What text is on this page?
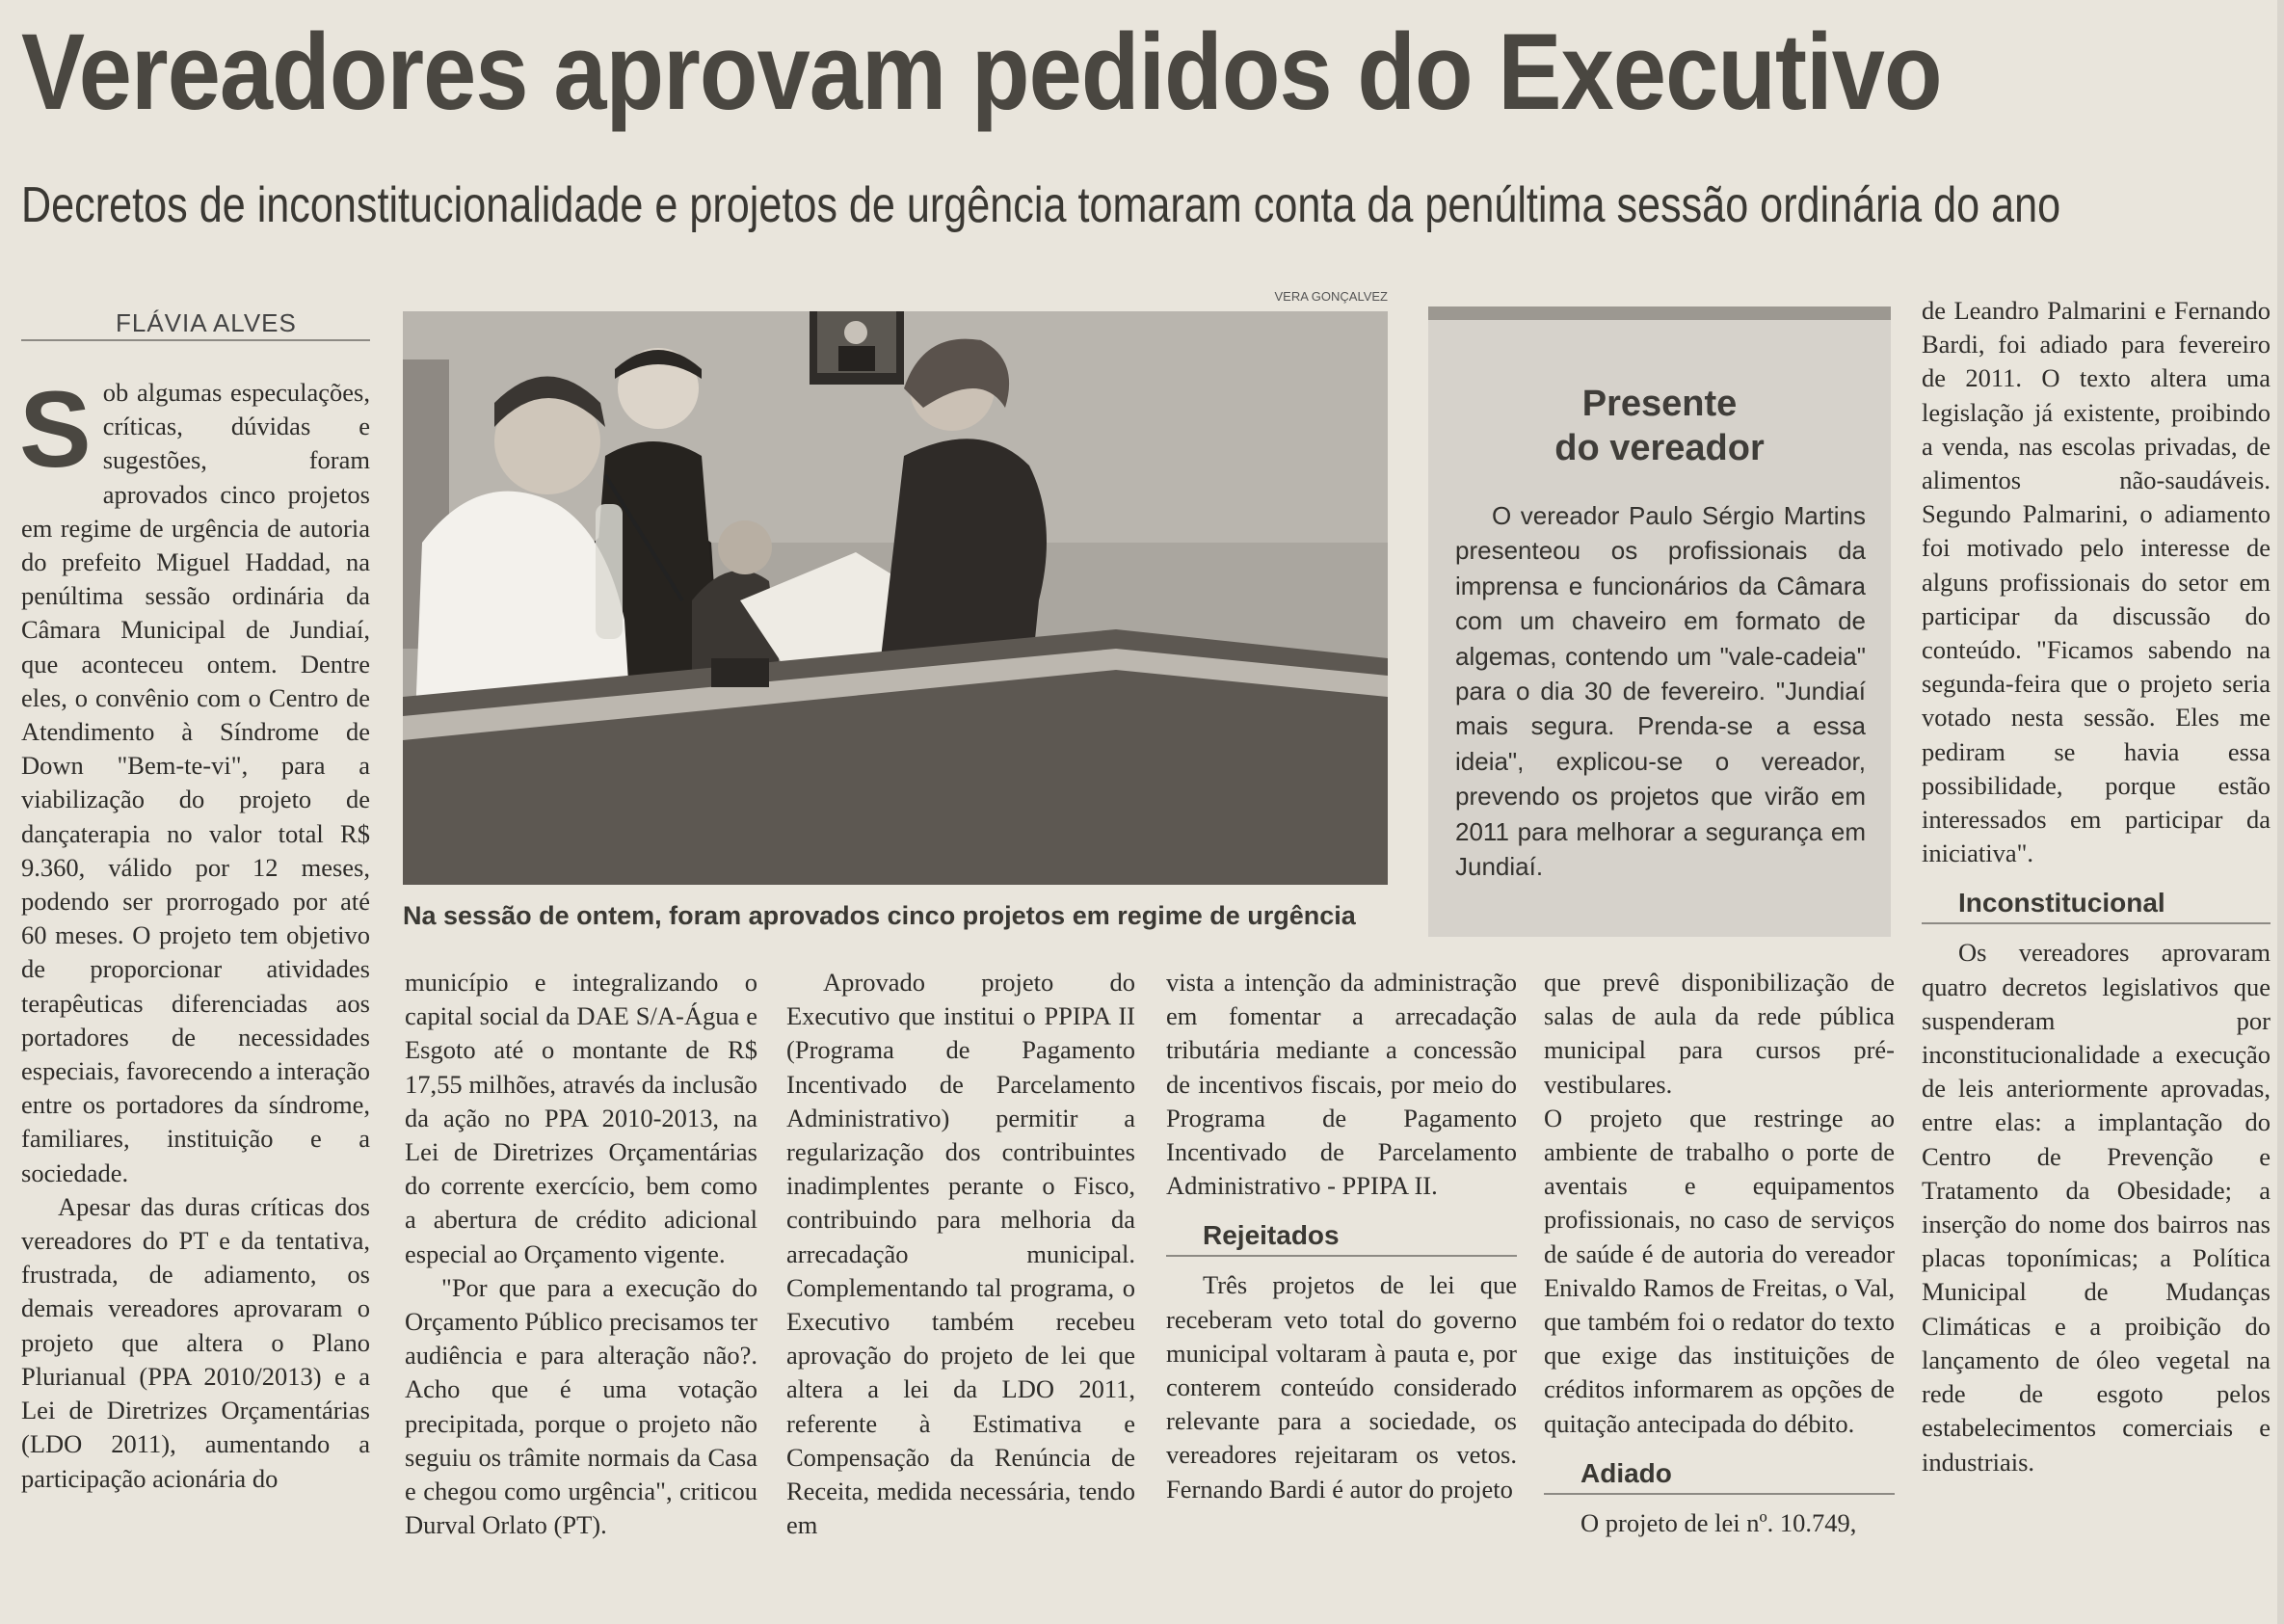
Vereadores aprovam pedidos do Executivo
Decretos de inconstitucionalidade e projetos de urgência tomaram conta da penúltima sessão ordinária do ano
FLÁVIA ALVES
S ob algumas especulações, críticas, dúvidas e sugestões, foram aprovados cinco projetos em regime de urgência de autoria do prefeito Miguel Haddad, na penúltima sessão ordinária da Câmara Municipal de Jundiaí, que aconteceu ontem. Dentre eles, o convênio com o Centro de Atendimento à Síndrome de Down "Bem-te-vi", para a viabilização do projeto de dançaterapia no valor total R$ 9.360, válido por 12 meses, podendo ser prorrogado por até 60 meses. O projeto tem objetivo de proporcionar atividades terapêuticas diferenciadas aos portadores de necessidades especiais, favorecendo a interação entre os portadores da síndrome, familiares, instituição e a sociedade.

Apesar das duras críticas dos vereadores do PT e da tentativa, frustrada, de adiamento, os demais vereadores aprovaram o projeto que altera o Plano Plurianual (PPA 2010/2013) e a Lei de Diretrizes Orçamentárias (LDO 2011), aumentando a participação acionária do

VERA GONÇALVEZ
Na sessão de ontem, foram aprovados cinco projetos em regime de urgência
Presente
do vereador

O vereador Paulo Sérgio Martins presenteou os profissionais da imprensa e funcionários da Câmara com um chaveiro em formato de algemas, contendo um "vale-cadeia" para o dia 30 de fevereiro. "Jundiaí mais segura. Prenda-se a essa ideia", explicou-se o vereador, prevendo os projetos que virão em 2011 para melhorar a segurança em Jundiaí.

município e integralizando o capital social da DAE S/A-Água e Esgoto até o montante de R$ 17,55 milhões, através da inclusão da ação no PPA 2010-2013, na Lei de Diretrizes Orçamentárias do corrente exercício, bem como a abertura de crédito adicional especial ao Orçamento vigente.

"Por que para a execução do Orçamento Público precisamos ter audiência e para alteração não?. Acho que é uma votação precipitada, porque o projeto não seguiu os trâmite normais da Casa e chegou como urgência", criticou Durval Orlato (PT).

Aprovado projeto do Executivo que institui o PPIPA II (Programa de Pagamento Incentivado de Parcelamento Administrativo) permitir a regularização dos contribuintes inadimplentes perante o Fisco, contribuindo para melhoria da arrecadação municipal. Complementando tal programa, o Executivo também recebeu aprovação do projeto de lei que altera a lei da LDO 2011, referente à Estimativa e Compensação da Renúncia de Receita, medida necessária, tendo em

vista a intenção da administração em fomentar a arrecadação tributária mediante a concessão de incentivos fiscais, por meio do Programa de Pagamento Incentivado de Parcelamento Administrativo - PPIPA II.

Rejeitados

Três projetos de lei que receberam veto total do governo municipal voltaram à pauta e, por conterem conteúdo considerado relevante para a sociedade, os vereadores rejeitaram os vetos. Fernando Bardi é autor do projeto

que prevê disponibilização de salas de aula da rede pública municipal para cursos pré-vestibulares.

O projeto que restringe ao ambiente de trabalho o porte de aventais e equipamentos profissionais, no caso de serviços de saúde é de autoria do vereador Enivaldo Ramos de Freitas, o Val, que também foi o redator do texto que exige das instituições de créditos informarem as opções de quitação antecipada do débito.

Adiado

O projeto de lei nº. 10.749,

de Leandro Palmarini e Fernando Bardi, foi adiado para fevereiro de 2011. O texto altera uma legislação já existente, proibindo a venda, nas escolas privadas, de alimentos não-saudáveis. Segundo Palmarini, o adiamento foi motivado pelo interesse de alguns profissionais do setor em participar da discussão do conteúdo. "Ficamos sabendo na segunda-feira que o projeto seria votado nesta sessão. Eles me pediram se havia essa possibilidade, porque estão interessados em participar da iniciativa".

Inconstitucional

Os vereadores aprovaram quatro decretos legislativos que suspenderam por inconstitucionalidade a execução de leis anteriormente aprovadas, entre elas: a implantação do Centro de Prevenção e Tratamento da Obesidade; a inserção do nome dos bairros nas placas toponímicas; a Política Municipal de Mudanças Climáticas e a proibição do lançamento de óleo vegetal na rede de esgoto pelos estabelecimentos comerciais e industriais.
